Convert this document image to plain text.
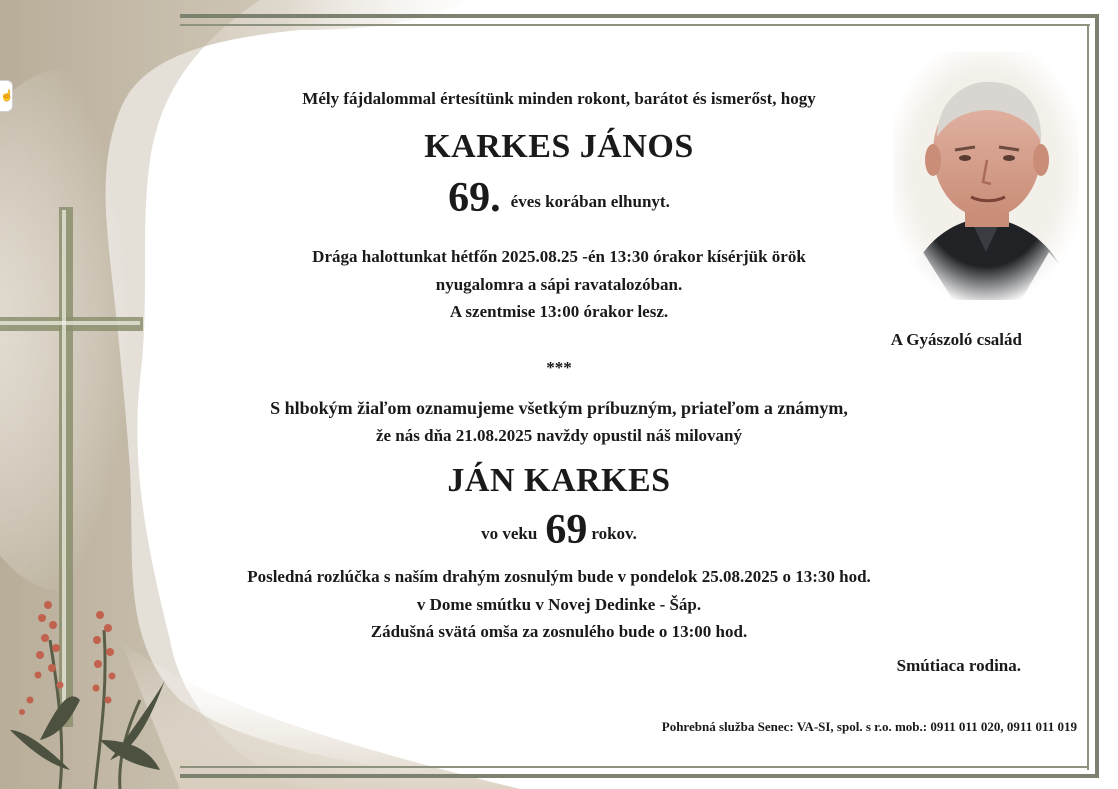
☝	Mély fájdalommal értesítünk minden rokont, barátot és ismerőst, hogy
KARKES JÁNOS
69. éves korában elhunyt.
Drága halottunkat hétfőn 2025.08.25 -én 13:30 órakor kísérjük örök
nyugalomra a sápi ravatalozóban.
A szentmise 13:00 órakor lesz.
A Gyászoló család
***
S hlbokým žiaľom oznamujeme všetkým príbuzným, priateľom a známym,
že nás dňa 21.08.2025 navždy opustil náš milovaný
JÁN KARKES
vo veku 69 rokov.
Posledná rozlúčka s naším drahým zosnulým bude v pondelok 25.08.2025 o 13:30 hod.
v Dome smútku v Novej Dedinke - Šáp.
Zádušná svätá omša za zosnulého bude o 13:00 hod.
Smútiaca rodina.
Pohrebná služba Senec: VA-SI, spol. s r.o. mob.: 0911 011 020, 0911 011 019
